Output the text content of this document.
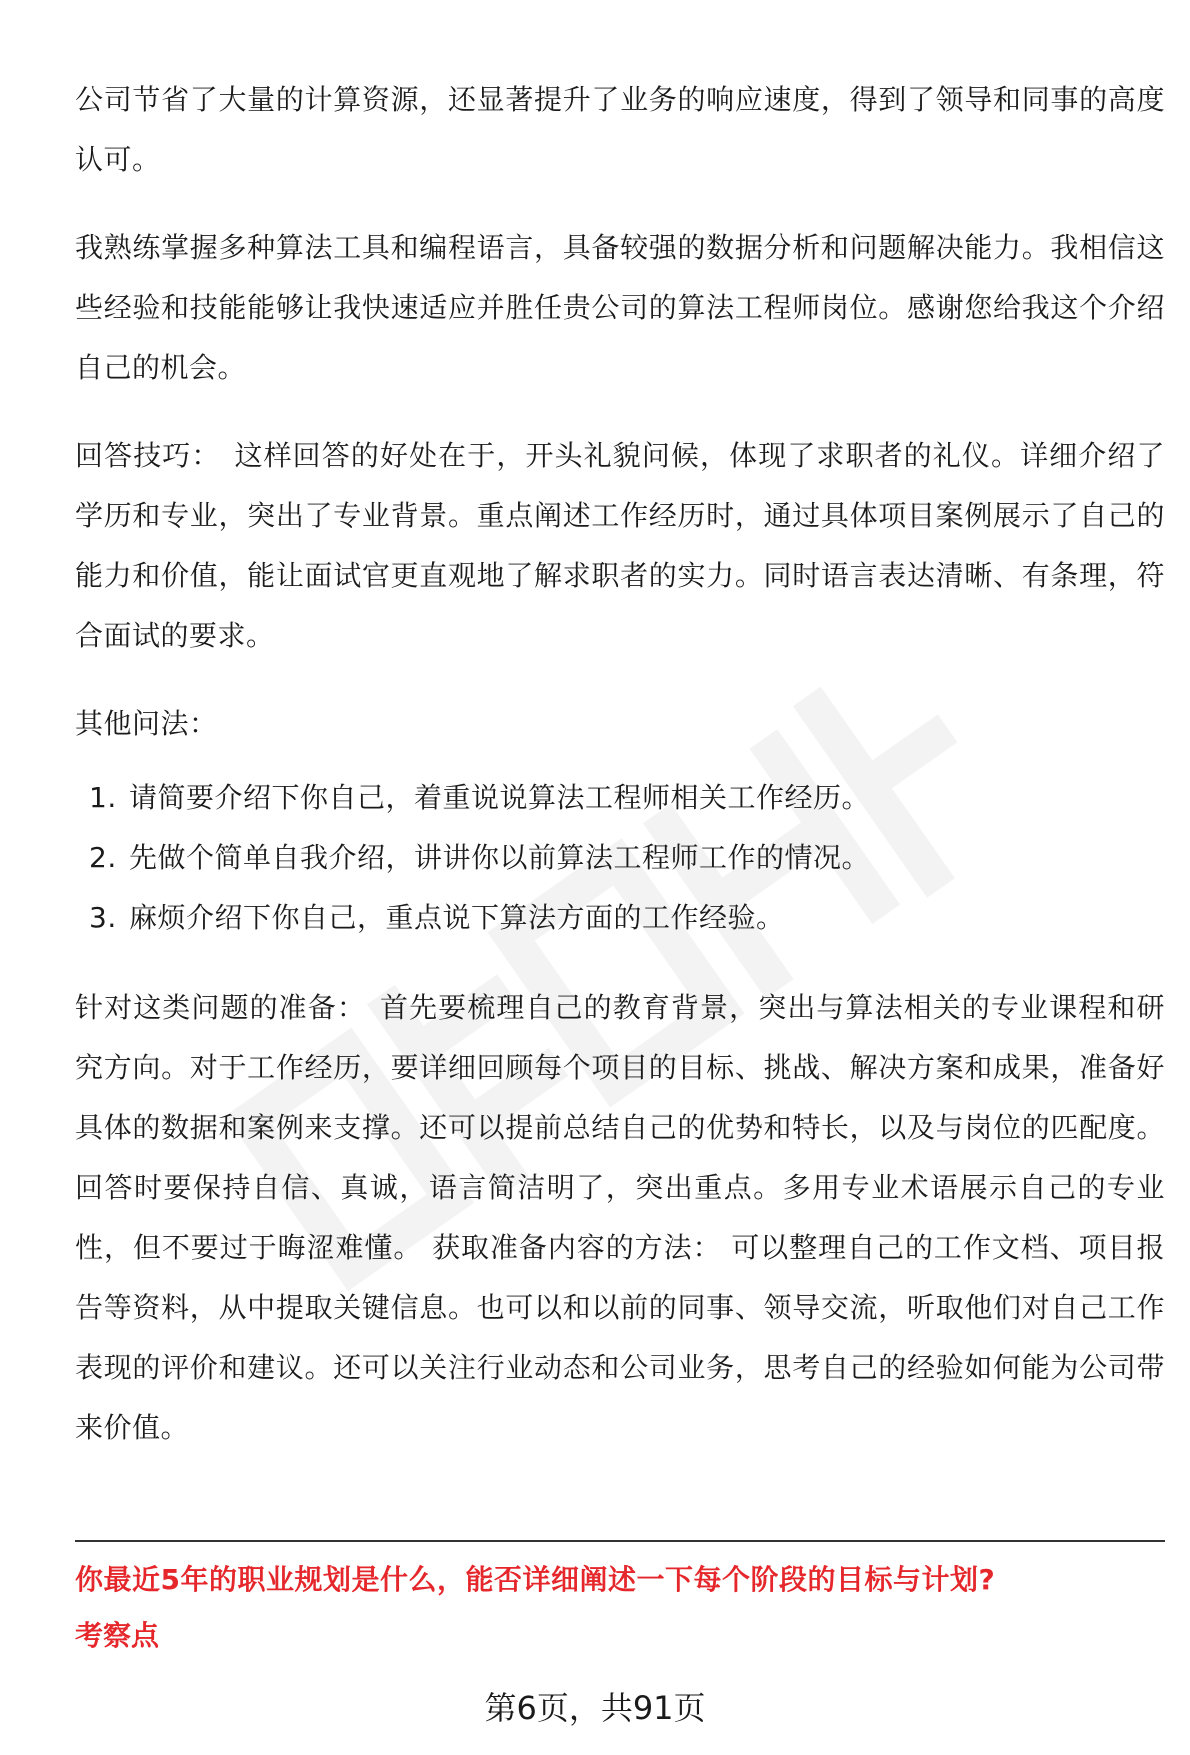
公司节省了大量的计算资源，还显著提升了业务的响应速度，得到了领导和同事的高度认可。

我熟练掌握多种算法工具和编程语言，具备较强的数据分析和问题解决能力。我相信这些经验和技能能够让我快速适应并胜任贵公司的算法工程师岗位。感谢您给我这个介绍自己的机会。

回答技巧： 这样回答的好处在于，开头礼貌问候，体现了求职者的礼仪。详细介绍了学历和专业，突出了专业背景。重点阐述工作经历时，通过具体项目案例展示了自己的能力和价值，能让面试官更直观地了解求职者的实力。同时语言表达清晰、有条理，符合面试的要求。

其他问法：

1. 请简要介绍下你自己，着重说说算法工程师相关工作经历。
2. 先做个简单自我介绍，讲讲你以前算法工程师工作的情况。
3. 麻烦介绍下你自己，重点说下算法方面的工作经验。

针对这类问题的准备： 首先要梳理自己的教育背景，突出与算法相关的专业课程和研究方向。对于工作经历，要详细回顾每个项目的目标、挑战、解决方案和成果，准备好具体的数据和案例来支撑。还可以提前总结自己的优势和特长，以及与岗位的匹配度。 回答时要保持自信、真诚，语言简洁明了，突出重点。多用专业术语展示自己的专业性，但不要过于晦涩难懂。 获取准备内容的方法： 可以整理自己的工作文档、项目报告等资料，从中提取关键信息。也可以和以前的同事、领导交流，听取他们对自己工作表现的评价和建议。还可以关注行业动态和公司业务，思考自己的经验如何能为公司带来价值。

你最近5年的职业规划是什么，能否详细阐述一下每个阶段的目标与计划?
考察点
第6页，共91页
